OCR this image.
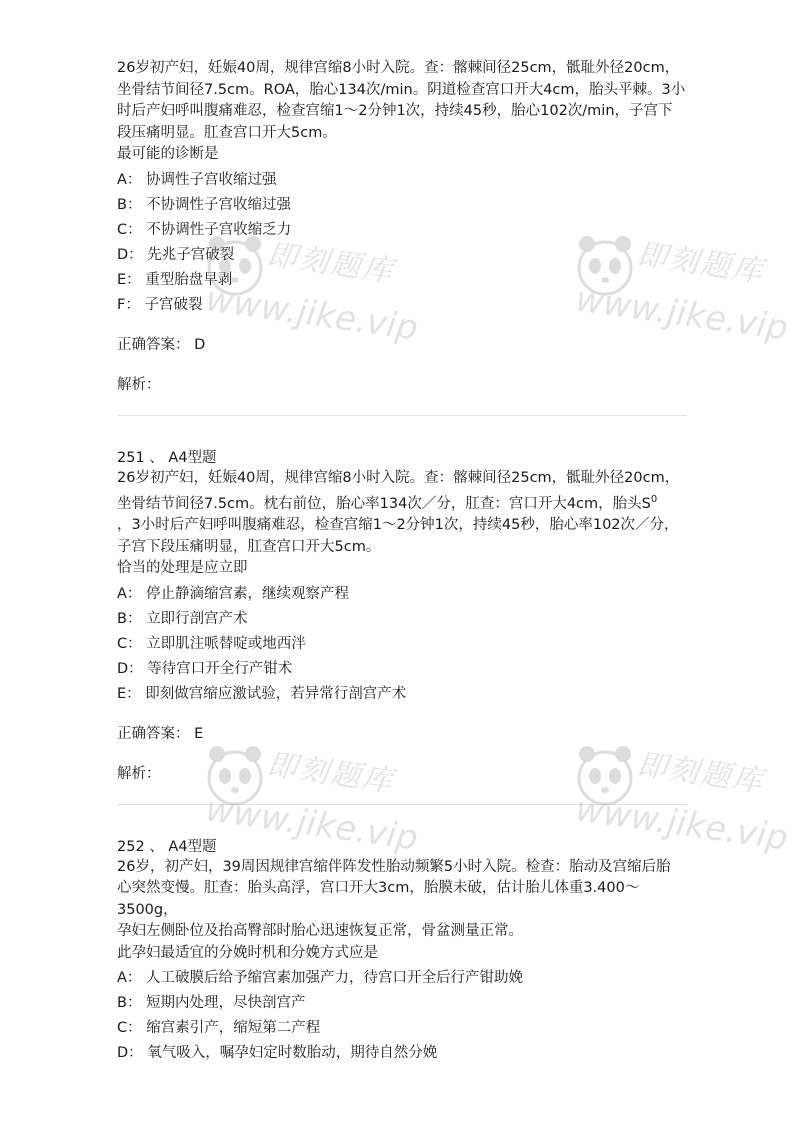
26岁初产妇，妊娠40周，规律宫缩8小时入院。查：髂棘间径25cm，骶耻外径20cm，
坐骨结节间径7.5cm。ROA，胎心134次/min。阴道检查宫口开大4cm，胎头平棘。3小
时后产妇呼叫腹痛难忍，检查宫缩1～2分钟1次，持续45秒，胎心102次/min，子宫下
段压痛明显。肛查宫口开大5cm。
最可能的诊断是

A： 协调性子宫收缩过强

B： 不协调性子宫收缩过强

C： 不协调性子宫收缩乏力

D： 先兆子宫破裂

E： 重型胎盘早剥

F： 子宫破裂

正确答案： D
解析：
251 、 A4型题

26岁初产妇，妊娠40周，规律宫缩8小时入院。查：髂棘间径25cm，骶耻外径20cm，
坐骨结节间径7.5cm。枕右前位，胎心率134次／分，肛查：宫口开大4cm，胎头$S^0$
，3小时后产妇呼叫腹痛难忍，检查宫缩1～2分钟1次，持续45秒，胎心率102次／分，
子宫下段压痛明显，肛查宫口开大5cm。
恰当的处理是应立即

A： 停止静滴缩宫素，继续观察产程

B： 立即行剖宫产术

C： 立即肌注哌替啶或地西泮

D： 等待宫口开全行产钳术

E： 即刻做宫缩应激试验，若异常行剖宫产术

正确答案： E
解析：
252 、 A4型题

26岁，初产妇，39周因规律宫缩伴阵发性胎动频繁5小时入院。检查：胎动及宫缩后胎
心突然变慢。肛查：胎头高浮，宫口开大3cm，胎膜未破，估计胎儿体重3.400～3500g，
孕妇左侧卧位及抬高臀部时胎心迅速恢复正常，骨盆测量正常。
此孕妇最适宜的分娩时机和分娩方式应是

A： 人工破膜后给予缩宫素加强产力，待宫口开全后行产钳助娩

B： 短期内处理，尽快剖宫产

C： 缩宫素引产，缩短第二产程

D： 氧气吸入，嘱孕妇定时数胎动，期待自然分娩

即刻题库
www.jike.vip
即刻题库
www.jike.vip
即刻题库
www.jike.vip
即刻题库
www.jike.vip
